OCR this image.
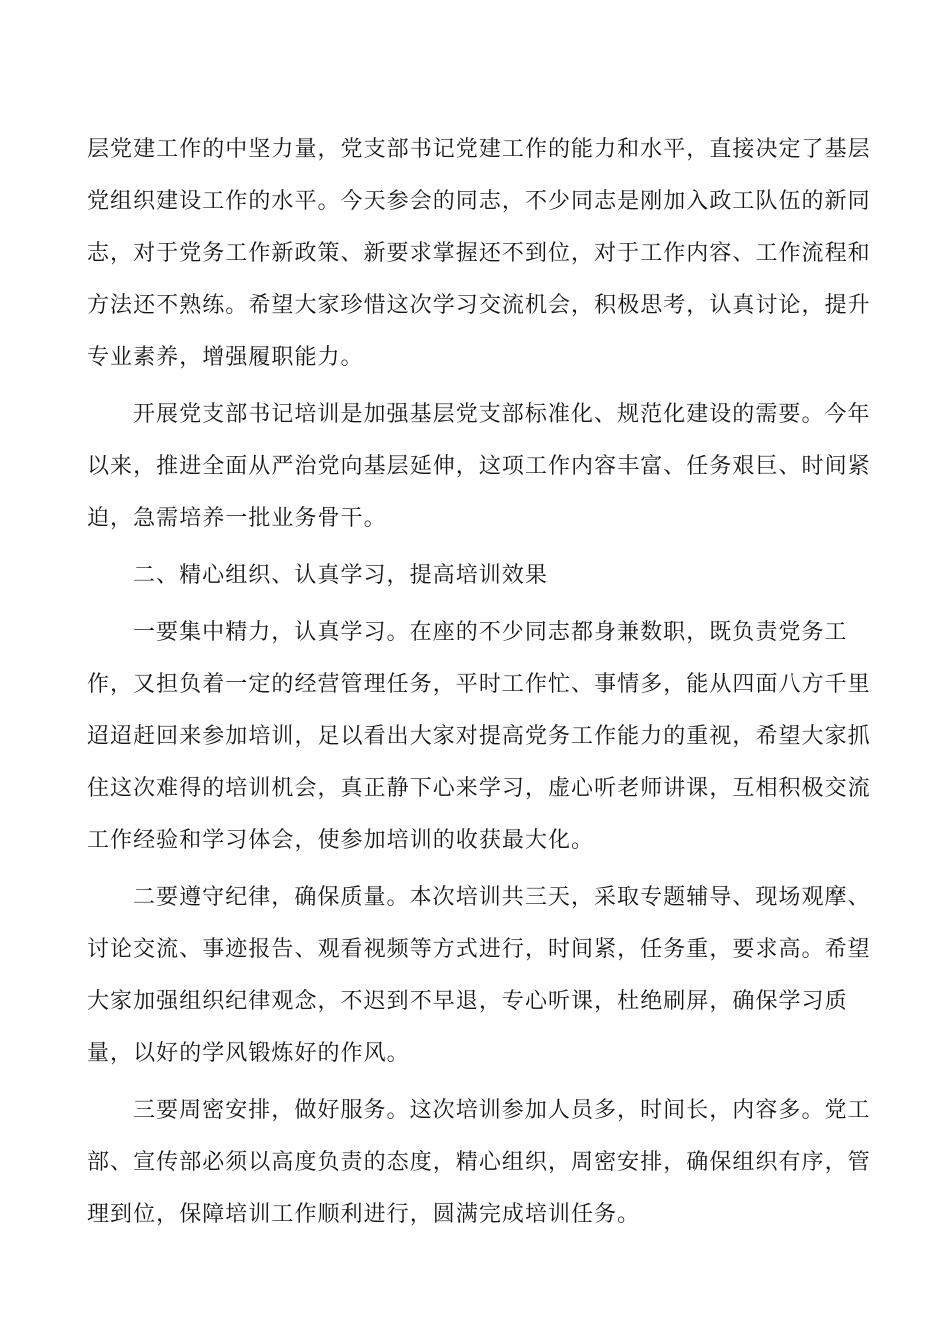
层党建工作的中坚力量，党支部书记党建工作的能力和水平，直接决定了基层
党组织建设工作的水平。今天参会的同志，不少同志是刚加入政工队伍的新同
志，对于党务工作新政策、新要求掌握还不到位，对于工作内容、工作流程和
方法还不熟练。希望大家珍惜这次学习交流机会，积极思考，认真讨论，提升
专业素养，增强履职能力。
开展党支部书记培训是加强基层党支部标准化、规范化建设的需要。今年
以来，推进全面从严治党向基层延伸，这项工作内容丰富、任务艰巨、时间紧
迫，急需培养一批业务骨干。
二、精心组织、认真学习，提高培训效果
一要集中精力，认真学习。在座的不少同志都身兼数职，既负责党务工
作，又担负着一定的经营管理任务，平时工作忙、事情多，能从四面八方千里
迢迢赶回来参加培训，足以看出大家对提高党务工作能力的重视，希望大家抓
住这次难得的培训机会，真正静下心来学习，虚心听老师讲课，互相积极交流
工作经验和学习体会，使参加培训的收获最大化。
二要遵守纪律，确保质量。本次培训共三天，采取专题辅导、现场观摩、
讨论交流、事迹报告、观看视频等方式进行，时间紧，任务重，要求高。希望
大家加强组织纪律观念，不迟到不早退，专心听课，杜绝刷屏，确保学习质
量，以好的学风锻炼好的作风。
三要周密安排，做好服务。这次培训参加人员多，时间长，内容多。党工
部、宣传部必须以高度负责的态度，精心组织，周密安排，确保组织有序，管
理到位，保障培训工作顺利进行，圆满完成培训任务。
